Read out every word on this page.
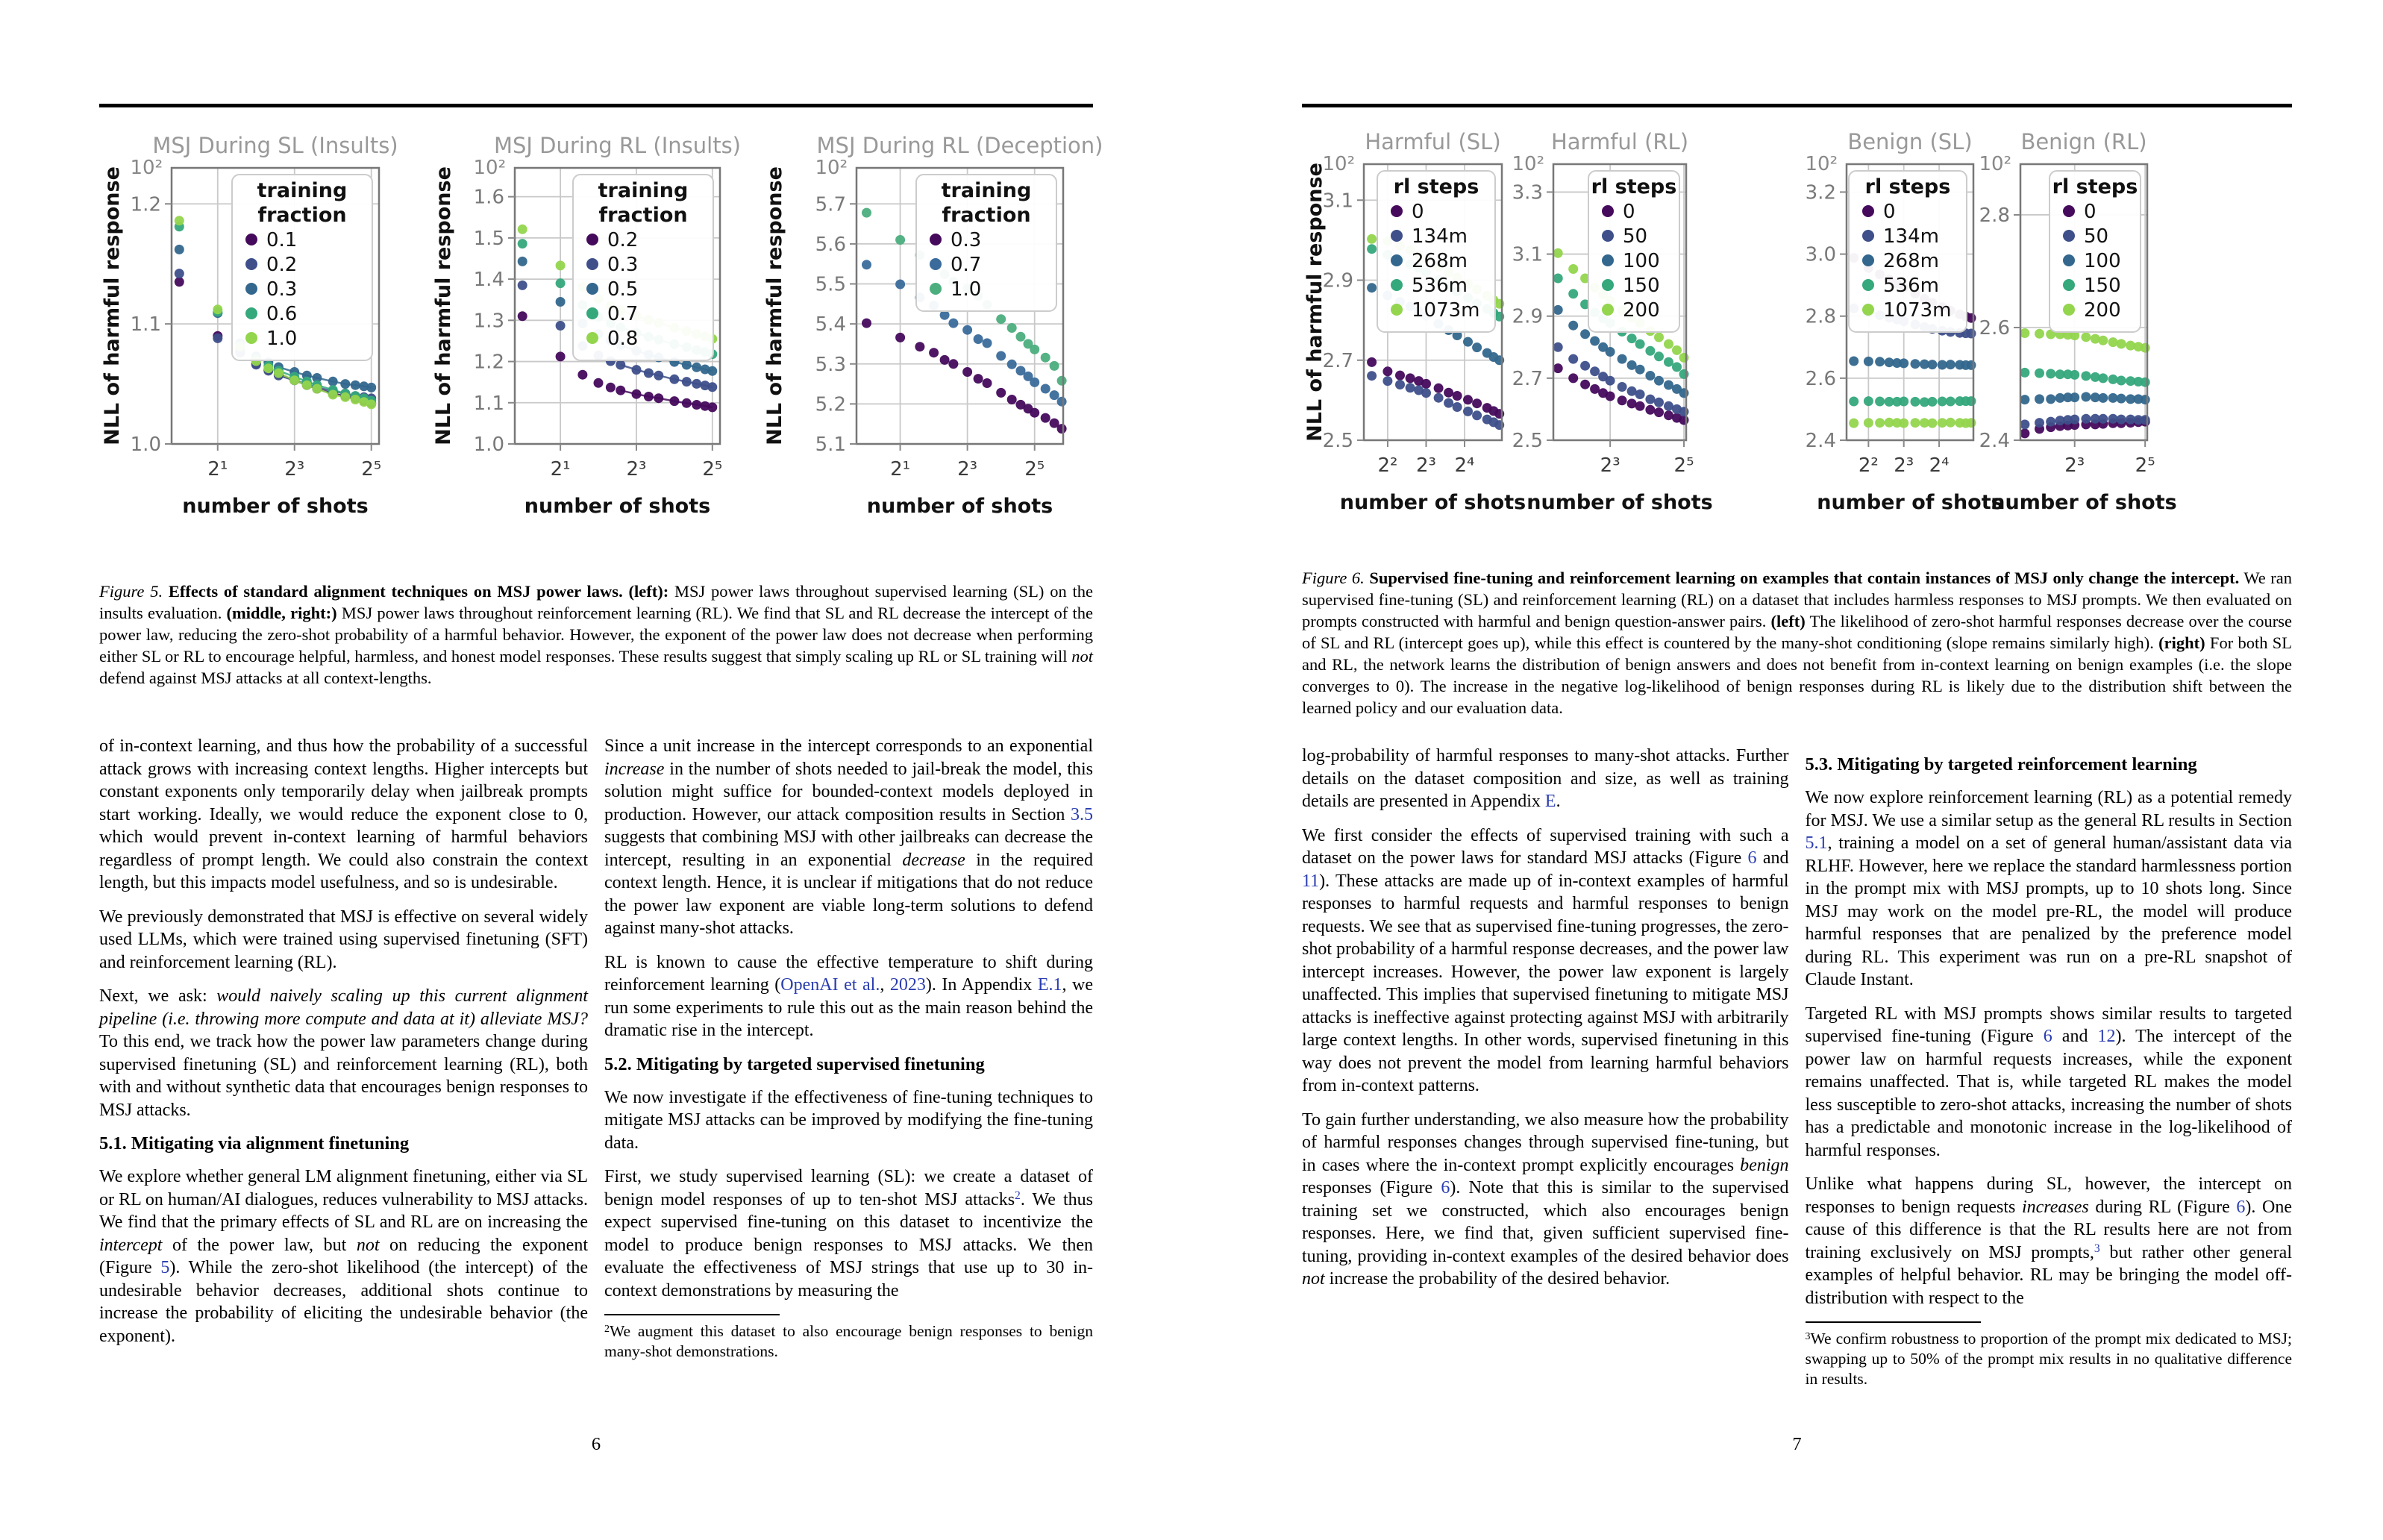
2¹	2³	2⁵
1.0
1.1
1.2
10²
MSJ During SL (Insults)
number of shots
NLL of harmful response	training
fraction
0.1
0.2
0.3
0.6
1.0
2¹	2³	2⁵
1.0
1.1
1.2
1.3
1.4
1.5
1.6
10²
MSJ During RL (Insults)
number of shots
NLL of harmful response	training
fraction
0.2
0.3
0.5
0.7
0.8
2¹ 2³ 2⁵
5.1
5.2
5.3
5.4
5.5
5.6
5.7
10²
MSJ During RL (Deception)
number of shots
NLL of harmful response	training
fraction
0.3
0.7
1.0
Figure 5. Effects of standard alignment techniques on MSJ power laws. (left): MSJ power laws throughout supervised learning (SL) on the insults evaluation. (middle, right:) MSJ power laws throughout reinforcement learning (RL). We find that SL and RL decrease the intercept of the power law, reducing the zero-shot probability of a harmful behavior. However, the exponent of the power law does not decrease when performing either SL or RL to encourage helpful, harmless, and honest model responses. These results suggest that simply scaling up RL or SL training will not defend against MSJ attacks at all context-lengths.

of in-context learning, and thus how the probability of a successful attack grows with increasing context lengths. Higher intercepts but constant exponents only temporarily delay when jailbreak prompts start working. Ideally, we would reduce the exponent close to 0, which would prevent in-context learning of harmful behaviors regardless of prompt length. We could also constrain the context length, but this impacts model usefulness, and so is undesirable.

We previously demonstrated that MSJ is effective on several widely used LLMs, which were trained using supervised finetuning (SFT) and reinforcement learning (RL).

Next, we ask: would naively scaling up this current alignment pipeline (i.e. throwing more compute and data at it) alleviate MSJ? To this end, we track how the power law parameters change during supervised finetuning (SL) and reinforcement learning (RL), both with and without synthetic data that encourages benign responses to MSJ attacks.

5.1. Mitigating via alignment finetuning

We explore whether general LM alignment finetuning, either via SL or RL on human/AI dialogues, reduces vulnerability to MSJ attacks. We find that the primary effects of SL and RL are on increasing the intercept of the power law, but not on reducing the exponent (Figure 5). While the zero-shot likelihood (the intercept) of the undesirable behavior decreases, additional shots continue to increase the probability of eliciting the undesirable behavior (the exponent).

Since a unit increase in the intercept corresponds to an exponential increase in the number of shots needed to jail-break the model, this solution might suffice for bounded-context models deployed in production. However, our attack composition results in Section 3.5 suggests that combining MSJ with other jailbreaks can decrease the intercept, resulting in an exponential decrease in the required context length. Hence, it is unclear if mitigations that do not reduce the power law exponent are viable long-term solutions to defend against many-shot attacks.

RL is known to cause the effective temperature to shift during reinforcement learning (OpenAI et al., 2023). In Appendix E.1, we run some experiments to rule this out as the main reason behind the dramatic rise in the intercept.

5.2. Mitigating by targeted supervised finetuning

We now investigate if the effectiveness of fine-tuning techniques to mitigate MSJ attacks can be improved by modifying the fine-tuning data.

First, we study supervised learning (SL): we create a dataset of benign model responses of up to ten-shot MSJ attacks$^2$. We thus expect supervised fine-tuning on this dataset to incentivize the model to produce benign responses to MSJ attacks. We then evaluate the effectiveness of MSJ strings that use up to 30 in-context demonstrations by measuring the

$^2$We augment this dataset to also encourage benign responses to benign many-shot demonstrations.

6
2² 2³ 2⁴
2.5
2.7
2.9
3.1
10²
Harmful (SL)
number of shots
NLL of harmful response	rl steps
0
134m
268m
536m
1073m
2³	2⁵
2.5
2.7
2.9
3.1
3.3
10²
Harmful (RL)
number of shots
rl steps
0
50
100
150
200
2² 2³ 2⁴
2.4
2.6
2.8
3.0
3.2
10²
Benign (SL)
number of shots
rl steps
0
134m
268m
536m
1073m
2³	2⁵
2.4
2.6
2.8
10²
Benign (RL)
number of shots
rl steps
0
50
100
150
200
Figure 6. Supervised fine-tuning and reinforcement learning on examples that contain instances of MSJ only change the intercept. We ran supervised fine-tuning (SL) and reinforcement learning (RL) on a dataset that includes harmless responses to MSJ prompts. We then evaluated on prompts constructed with harmful and benign question-answer pairs. (left) The likelihood of zero-shot harmful responses decrease over the course of SL and RL (intercept goes up), while this effect is countered by the many-shot conditioning (slope remains similarly high). (right) For both SL and RL, the network learns the distribution of benign answers and does not benefit from in-context learning on benign examples (i.e. the slope converges to 0). The increase in the negative log-likelihood of benign responses during RL is likely due to the distribution shift between the learned policy and our evaluation data.

log-probability of harmful responses to many-shot attacks. Further details on the dataset composition and size, as well as training details are presented in Appendix E.

We first consider the effects of supervised training with such a dataset on the power laws for standard MSJ attacks (Figure 6 and 11). These attacks are made up of in-context examples of harmful responses to harmful requests and harmful responses to benign requests. We see that as supervised fine-tuning progresses, the zero-shot probability of a harmful response decreases, and the power law intercept increases. However, the power law exponent is largely unaffected. This implies that supervised finetuning to mitigate MSJ attacks is ineffective against protecting against MSJ with arbitrarily large context lengths. In other words, supervised finetuning in this way does not prevent the model from learning harmful behaviors from in-context patterns.

To gain further understanding, we also measure how the probability of harmful responses changes through supervised fine-tuning, but in cases where the in-context prompt explicitly encourages benign responses (Figure 6). Note that this is similar to the supervised training set we constructed, which also encourages benign responses. Here, we find that, given sufficient supervised fine-tuning, providing in-context examples of the desired behavior does not increase the probability of the desired behavior.

5.3. Mitigating by targeted reinforcement learning

We now explore reinforcement learning (RL) as a potential remedy for MSJ. We use a similar setup as the general RL results in Section 5.1, training a model on a set of general human/assistant data via RLHF. However, here we replace the standard harmlessness portion in the prompt mix with MSJ prompts, up to 10 shots long. Since MSJ may work on the model pre-RL, the model will produce harmful responses that are penalized by the preference model during RL. This experiment was run on a pre-RL snapshot of Claude Instant.

Targeted RL with MSJ prompts shows similar results to targeted supervised fine-tuning (Figure 6 and 12). The intercept of the power law on harmful requests increases, while the exponent remains unaffected. That is, while targeted RL makes the model less susceptible to zero-shot attacks, increasing the number of shots has a predictable and monotonic increase in the log-likelihood of harmful responses.

Unlike what happens during SL, however, the intercept on responses to benign requests increases during RL (Figure 6). One cause of this difference is that the RL results here are not from training exclusively on MSJ prompts,$^3$ but rather other general examples of helpful behavior. RL may be bringing the model off-distribution with respect to the

$^3$We confirm robustness to proportion of the prompt mix dedicated to MSJ; swapping up to 50% of the prompt mix results in no qualitative difference in results.

7
